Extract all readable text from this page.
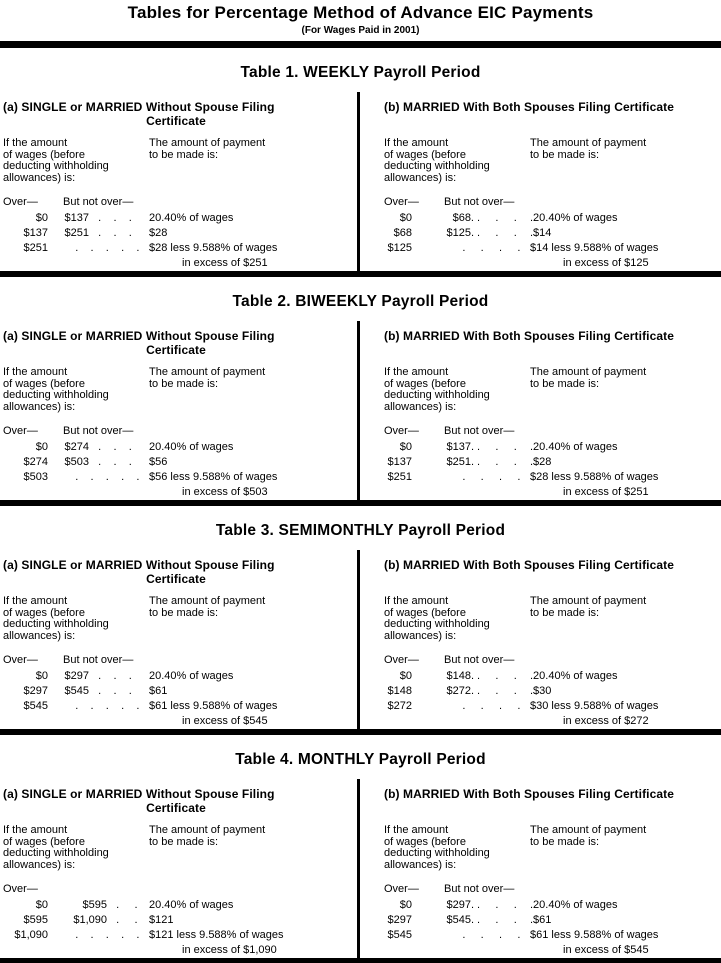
Tables for Percentage Method of Advance EIC Payments
(For Wages Paid in 2001)
Table 1. WEEKLY Payroll Period
(a) SINGLE or MARRIED Without Spouse Filing
Certificate
If the amount
of wages (before
deducting withholding
allowances) is:
The amount of payment
to be made is:
Over—	But not over—
$0 $137   .    .    .	20.40% of wages
$137 $251   .    .    .	$28
$251 .    .    .    .    . $28 less 9.588% of wages
in excess of $251
(b) MARRIED With Both Spouses Filing Certificate
If the amount
of wages (before
deducting withholding
allowances) is:
The amount of payment
to be made is:
Over—	But not over—
$0	$68. .     .     .	.20.40% of wages
$68	$125. .     .     .	.$14
$125	.     .     .     . $14 less 9.588% of wages
in excess of $125
Table 2. BIWEEKLY Payroll Period
(a) SINGLE or MARRIED Without Spouse Filing
Certificate
If the amount
of wages (before
deducting withholding
allowances) is:
The amount of payment
to be made is:
Over—	But not over—
$0 $274   .    .    .	20.40% of wages
$274 $503   .    .    .	$56
$503 .    .    .    .    . $56 less 9.588% of wages
in excess of $503
(b) MARRIED With Both Spouses Filing Certificate
If the amount
of wages (before
deducting withholding
allowances) is:
The amount of payment
to be made is:
Over—	But not over—
$0	$137. .     .     .	.20.40% of wages
$137	$251. .     .     .	.$28
$251	.     .     .     . $28 less 9.588% of wages
in excess of $251
Table 3. SEMIMONTHLY Payroll Period
(a) SINGLE or MARRIED Without Spouse Filing
Certificate
If the amount
of wages (before
deducting withholding
allowances) is:
The amount of payment
to be made is:
Over—	But not over—
$0 $297   .    .    .	20.40% of wages
$297 $545   .    .    .	$61
$545 .    .    .    .    . $61 less 9.588% of wages
in excess of $545
(b) MARRIED With Both Spouses Filing Certificate
If the amount
of wages (before
deducting withholding
allowances) is:
The amount of payment
to be made is:
Over—	But not over—
$0	$148. .     .     .	.20.40% of wages
$148	$272. .     .     .	.$30
$272	.     .     .     . $30 less 9.588% of wages
in excess of $272
Table 4. MONTHLY Payroll Period
(a) SINGLE or MARRIED Without Spouse Filing
Certificate
If the amount
of wages (before
deducting withholding
allowances) is:
The amount of payment
to be made is:
Over—
$0	$595   .     .	20.40% of wages
$595	$1,090   .     .	$121
$1,090 .    .    .    .    . $121 less 9.588% of wages
in excess of $1,090
(b) MARRIED With Both Spouses Filing Certificate
If the amount
of wages (before
deducting withholding
allowances) is:
The amount of payment
to be made is:
Over—	But not over—
$0	$297. .     .     .	.20.40% of wages
$297	$545. .     .     .	.$61
$545	.     .     .     . $61 less 9.588% of wages
in excess of $545
